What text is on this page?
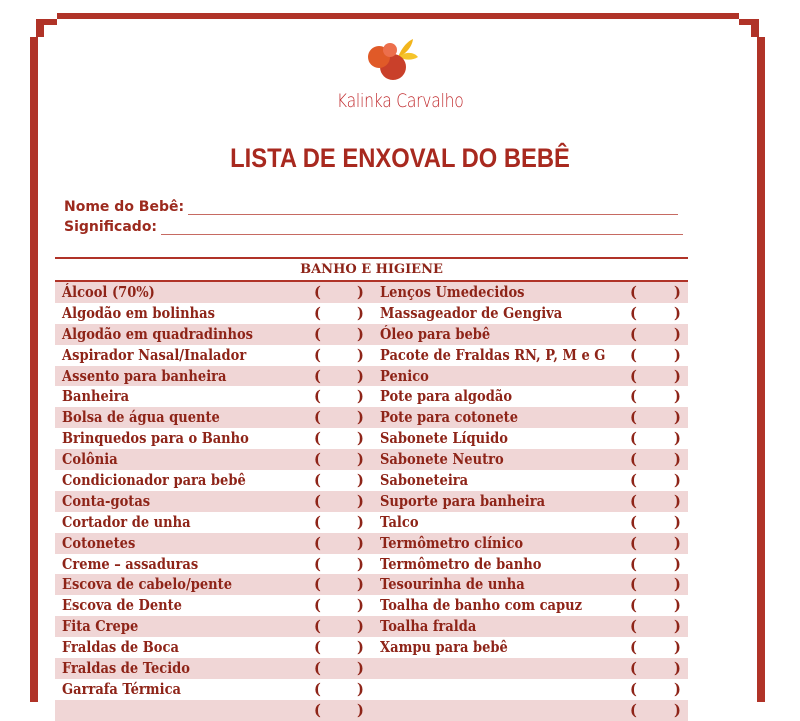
Kalinka Carvalho
LISTA DE ENXOVAL DO BEBÊ
Nome do Bebê:
Significado:
BANHO E HIGIENE
Álcool (70%)	( ) Lenços Umedecidos	(	)
Algodão em bolinhas	( ) Massageador de Gengiva	(	)
Algodão em quadradinhos	( ) Óleo para bebê	(	)
Aspirador Nasal/Inalador	( ) Pacote de Fraldas RN, P, M e G	(	)
Assento para banheira	( ) Penico	(	)
Banheira	( ) Pote para algodão	(	)
Bolsa de água quente	( ) Pote para cotonete	(	)
Brinquedos para o Banho	( ) Sabonete Líquido	(	)
Colônia	( ) Sabonete Neutro	(	)
Condicionador para bebê	( ) Saboneteira	(	)
Conta-gotas	( ) Suporte para banheira	(	)
Cortador de unha	( ) Talco	(	)
Cotonetes	( ) Termômetro clínico	(	)
Creme – assaduras	( ) Termômetro de banho	(	)
Escova de cabelo/pente	( ) Tesourinha de unha	(	)
Escova de Dente	( ) Toalha de banho com capuz	(	)
Fita Crepe	( ) Toalha fralda	(	)
Fraldas de Boca	( ) Xampu para bebê	(	)
Fraldas de Tecido	( )	(	)
Garrafa Térmica	( )	(	)
( )	(	)
